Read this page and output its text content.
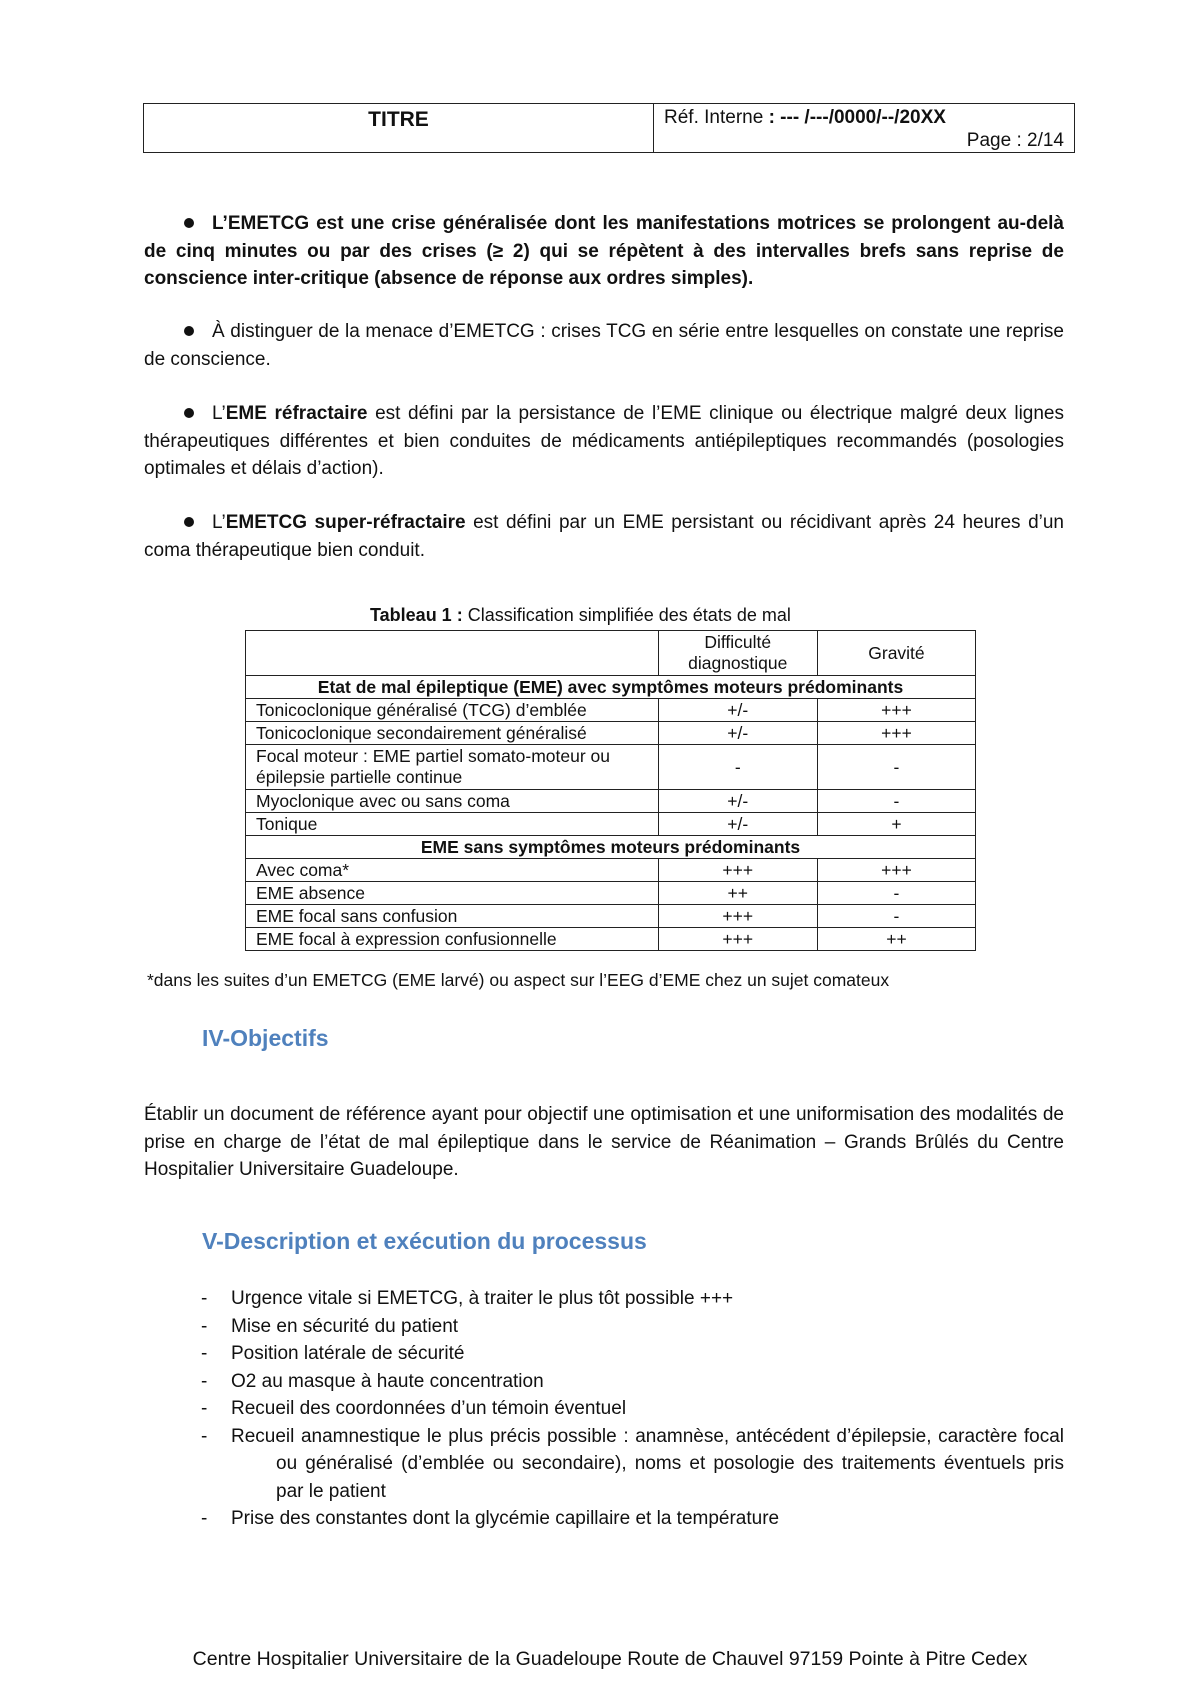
TITRE	Réf. Interne : --- /---/0000/--/20XX
Page : 2/14
L’EMETCG est une crise généralisée dont les manifestations motrices se prolongent au-delà de cinq minutes ou par des crises (≥ 2) qui se répètent à des intervalles brefs sans reprise de conscience inter-critique (absence de réponse aux ordres simples).
À distinguer de la menace d’EMETCG : crises TCG en série entre lesquelles on constate une reprise de conscience.
L’EME réfractaire est défini par la persistance de l’EME clinique ou électrique malgré deux lignes thérapeutiques différentes et bien conduites de médicaments antiépileptiques recommandés (posologies optimales et délais d’action).
L’EMETCG super-réfractaire est défini par un EME persistant ou récidivant après 24 heures d’un coma thérapeutique bien conduit.
Tableau 1 : Classification simplifiée des états de mal
	Difficulté diagnostique	Gravité
Etat de mal épileptique (EME) avec symptômes moteurs prédominants		
Tonicoclonique généralisé (TCG) d’emblée	+/-	+++
Tonicoclonique secondairement généralisé	+/-	+++
Focal moteur : EME partiel somato-moteur ou épilepsie partielle continue	-	-
Myoclonique avec ou sans coma	+/-	-
Tonique	+/-	+
EME sans symptômes moteurs prédominants		
Avec coma*	+++	+++
EME absence	++	-
EME focal sans confusion	+++	-
EME focal à expression confusionnelle	+++	++
*dans les suites d’un EMETCG (EME larvé) ou aspect sur l’EEG d’EME chez un sujet comateux
IV-Objectifs
Établir un document de référence ayant pour objectif une optimisation et une uniformisation des modalités de prise en charge de l’état de mal épileptique dans le service de Réanimation – Grands Brûlés du Centre Hospitalier Universitaire Guadeloupe.
V-Description et exécution du processus
- Urgence vitale si EMETCG, à traiter le plus tôt possible +++
- Mise en sécurité du patient
- Position latérale de sécurité
- O2 au masque à haute concentration
- Recueil des coordonnées d’un témoin éventuel
- Recueil anamnestique le plus précis possible : anamnèse, antécédent d’épilepsie, caractère focal ou généralisé (d’emblée ou secondaire), noms et posologie des traitements éventuels pris par le patient
- Prise des constantes dont la glycémie capillaire et la température
Centre Hospitalier Universitaire de la Guadeloupe Route de Chauvel 97159 Pointe à Pitre Cedex
